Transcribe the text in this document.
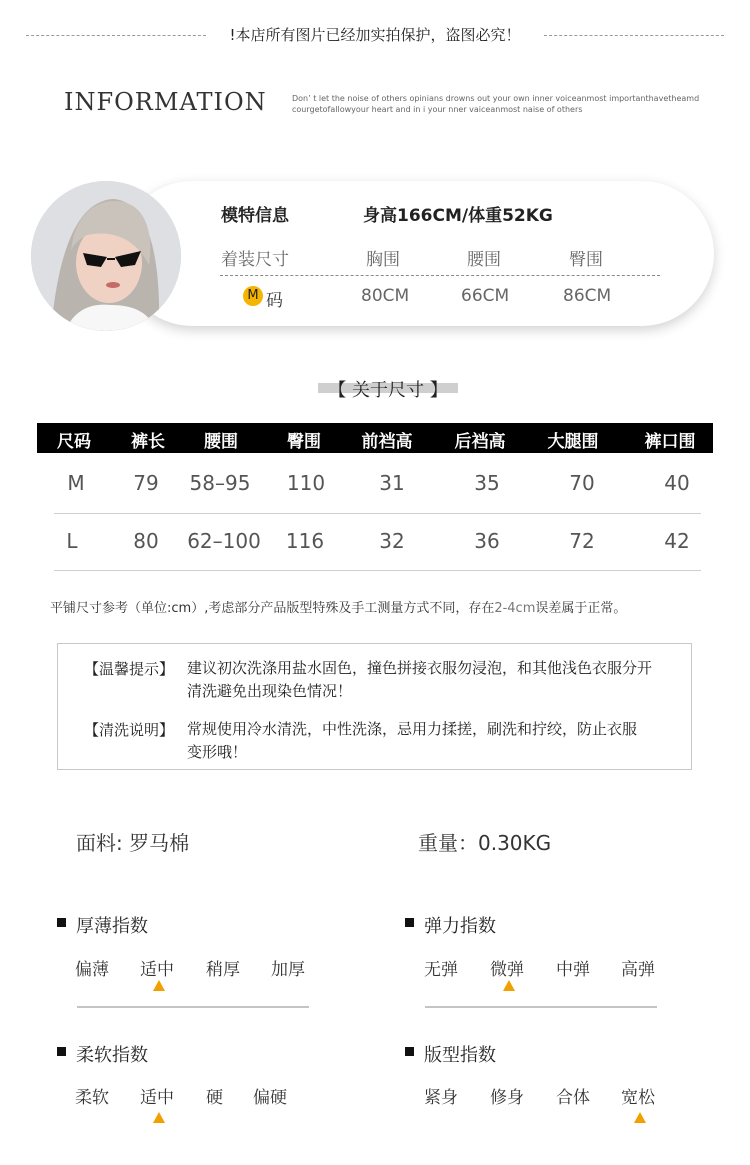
!本店所有图片已经加实拍保护，盗图必究！
INFORMATION	Don’ t let the noise of others opinians drowns out your own inner voiceanmost importanthavetheamd
courgetofallowyour heart and in i your nner vaiceanmost naise of others
模特信息	身高166CM/体重52KG
着装尺寸	胸围	腰围	臀围
M 码	80CM	66CM	86CM
【 关于尺寸 】
尺码	裤长	腰围	臀围	前裆高	后裆高	大腿围	裤口围
M	79	58–95	110	31	35	70	40
L	80	62–100	116	32	36	72	42
平铺尺寸参考（单位:cm）,考虑部分产品版型特殊及手工测量方式不同，存在2-4cm误差属于正常。
【温馨提示】 建议初次洗涤用盐水固色，撞色拼接衣服勿浸泡，和其他浅色衣服分开
清洗避免出现染色情况！
【清洗说明】 常规使用冷水清洗，中性洗涤，忌用力揉搓，刷洗和拧绞，防止衣服
变形哦！
面料: 罗马棉	重量：0.30KG
厚薄指数
偏薄 适中 稍厚 加厚
弹力指数
无弹 微弹 中弹 高弹
柔软指数
柔软 适中 硬 偏硬
版型指数
紧身 修身 合体 宽松
